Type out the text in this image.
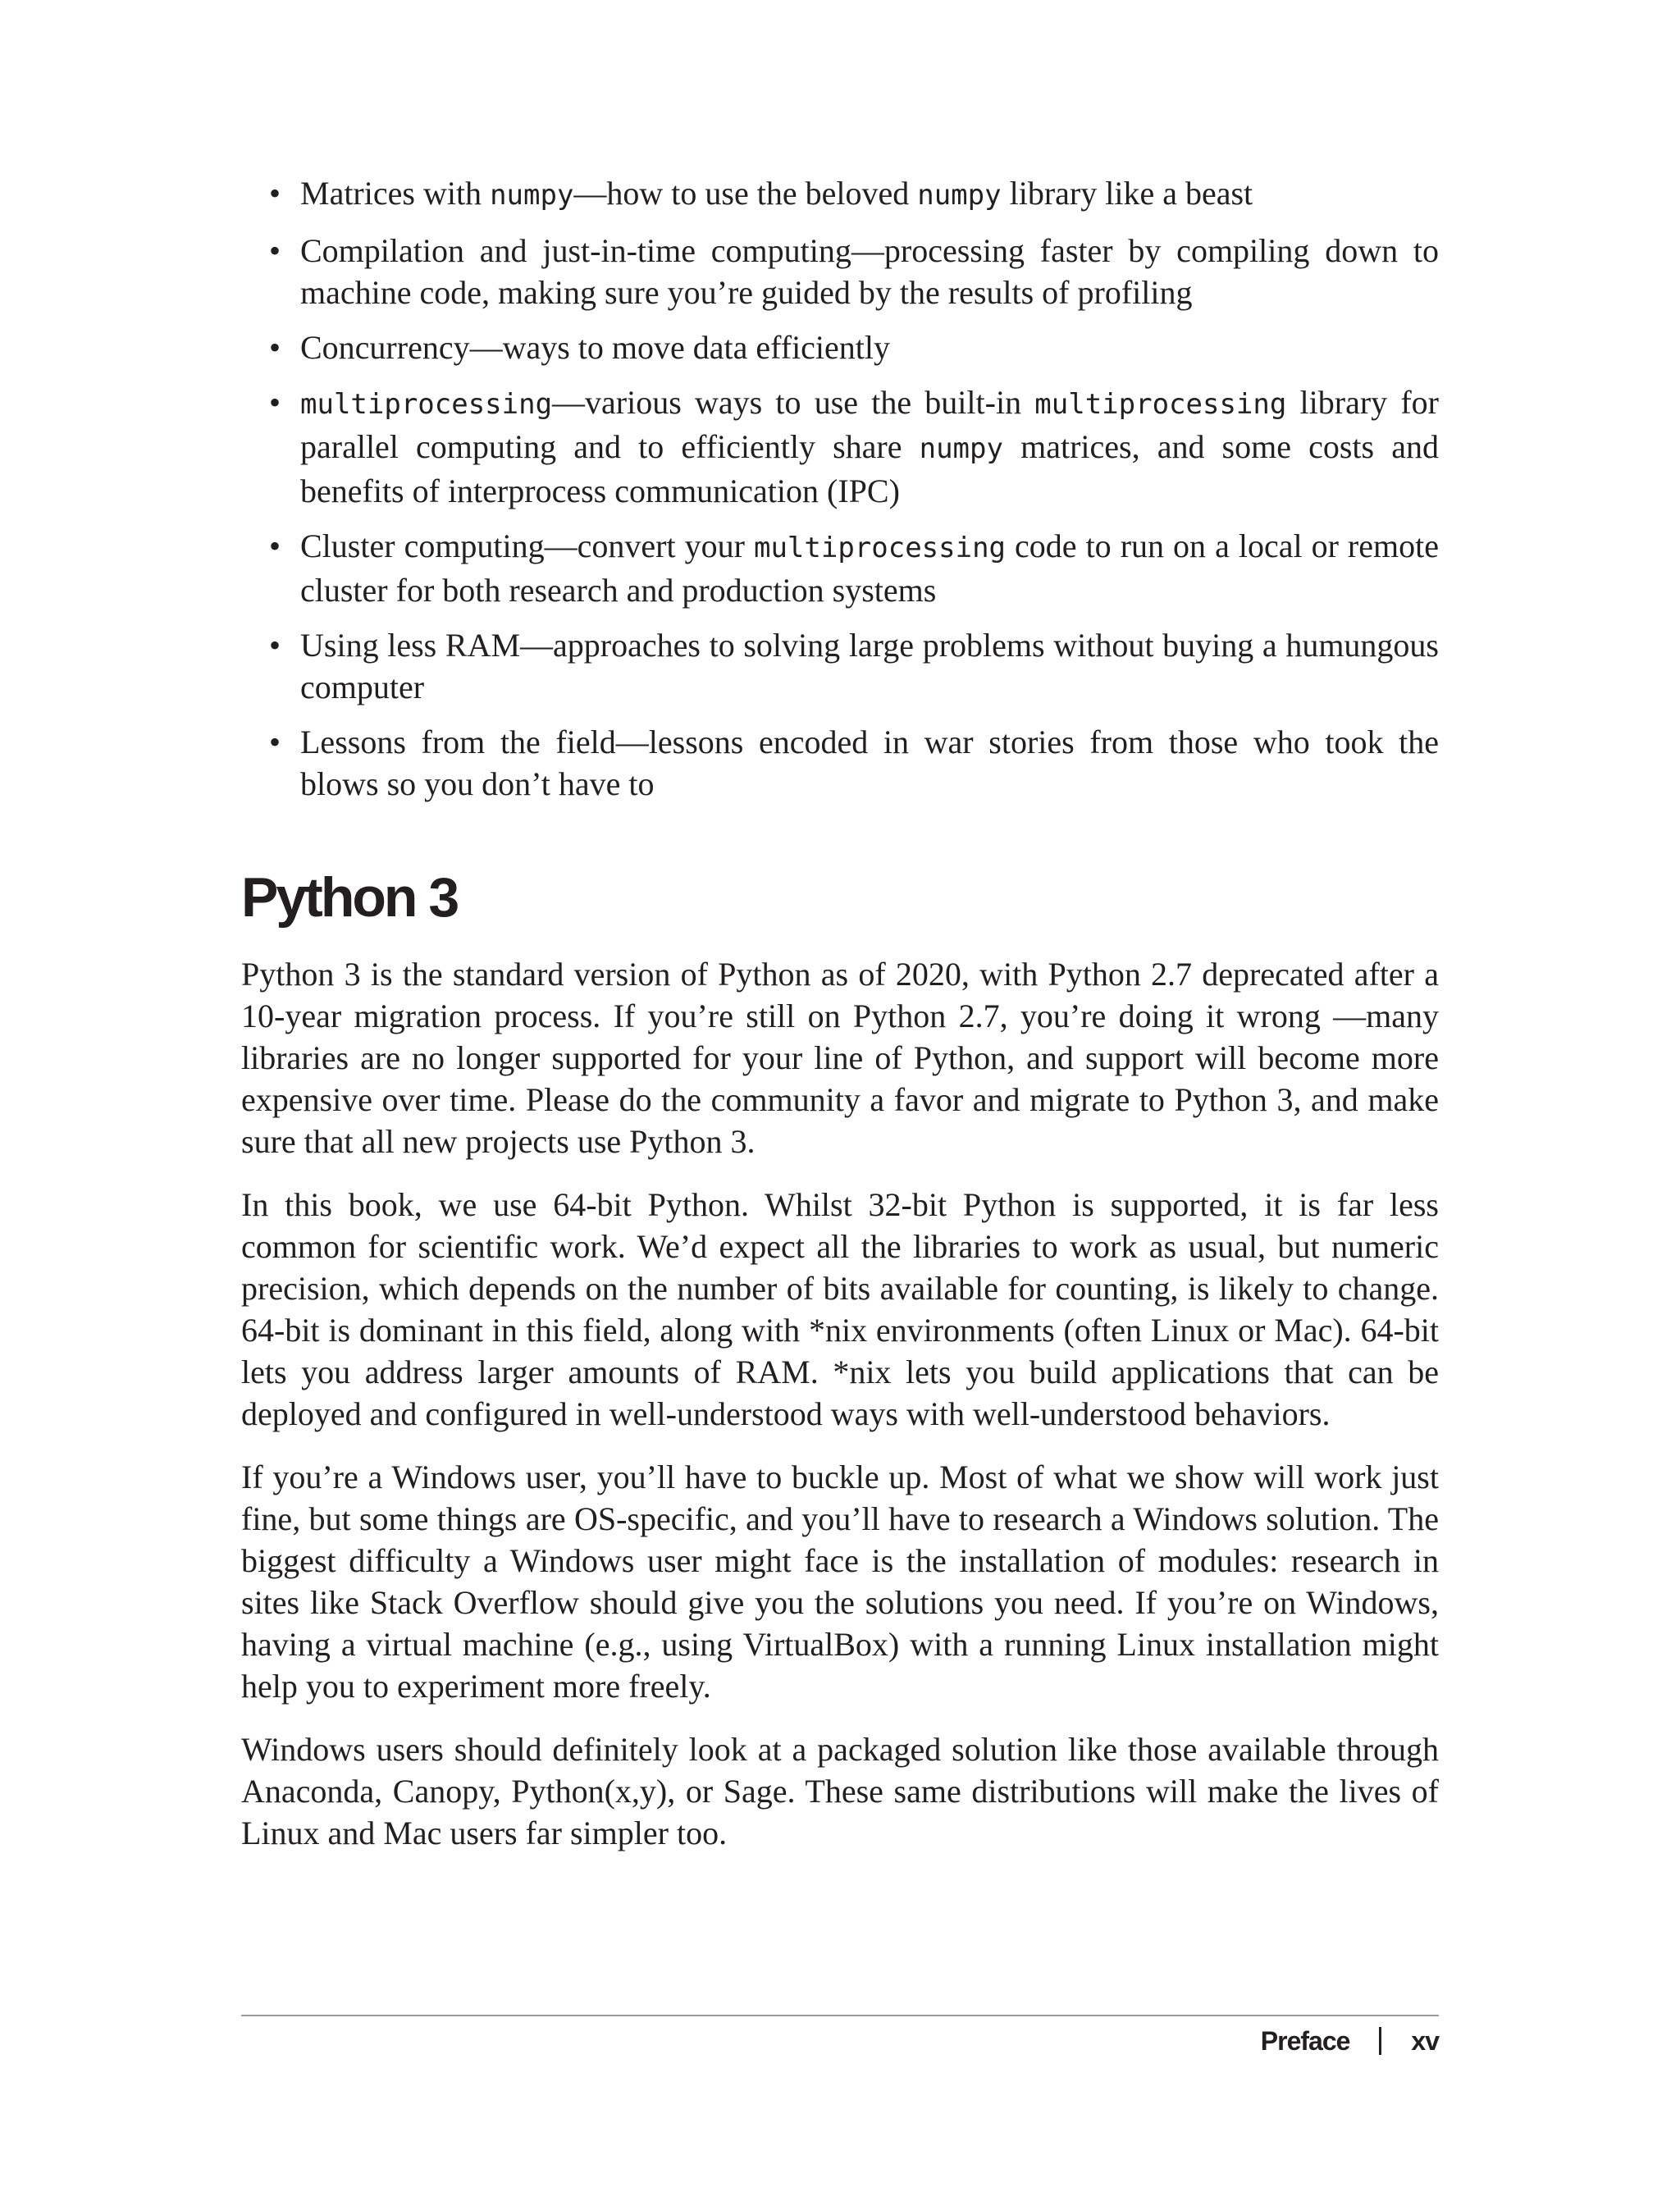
• Matrices with numpy—how to use the beloved numpy library like a beast
• Compilation and just-in-time computing—processing faster by compiling down to machine code, making sure you’re guided by the results of profiling
• Concurrency—ways to move data efficiently
• multiprocessing—various ways to use the built-in multiprocessing library for parallel computing and to efficiently share numpy matrices, and some costs and benefits of interprocess communication (IPC)
• Cluster computing—convert your multiprocessing code to run on a local or remote cluster for both research and production systems
• Using less RAM—approaches to solving large problems without buying a humungous computer
• Lessons from the field—lessons encoded in war stories from those who took the blows so you don’t have to
Python 3

Python 3 is the standard version of Python as of 2020, with Python 2.7 deprecated after a 10-year migration process. If you’re still on Python 2.7, you’re doing it wrong —many libraries are no longer supported for your line of Python, and support will become more expensive over time. Please do the community a favor and migrate to Python 3, and make sure that all new projects use Python 3.

In this book, we use 64-bit Python. Whilst 32-bit Python is supported, it is far less common for scientific work. We’d expect all the libraries to work as usual, but numeric precision, which depends on the number of bits available for counting, is likely to change. 64-bit is dominant in this field, along with *nix environments (often Linux or Mac). 64-bit lets you address larger amounts of RAM. *nix lets you build applications that can be deployed and configured in well-understood ways with well-understood behaviors.

If you’re a Windows user, you’ll have to buckle up. Most of what we show will work just fine, but some things are OS-specific, and you’ll have to research a Windows solution. The biggest difficulty a Windows user might face is the installation of modules: research in sites like Stack Overflow should give you the solutions you need. If you’re on Windows, having a virtual machine (e.g., using VirtualBox) with a running Linux installation might help you to experiment more freely.

Windows users should definitely look at a packaged solution like those available through Anaconda, Canopy, Python(x,y), or Sage. These same distributions will make the lives of Linux and Mac users far simpler too.

Preface xv
